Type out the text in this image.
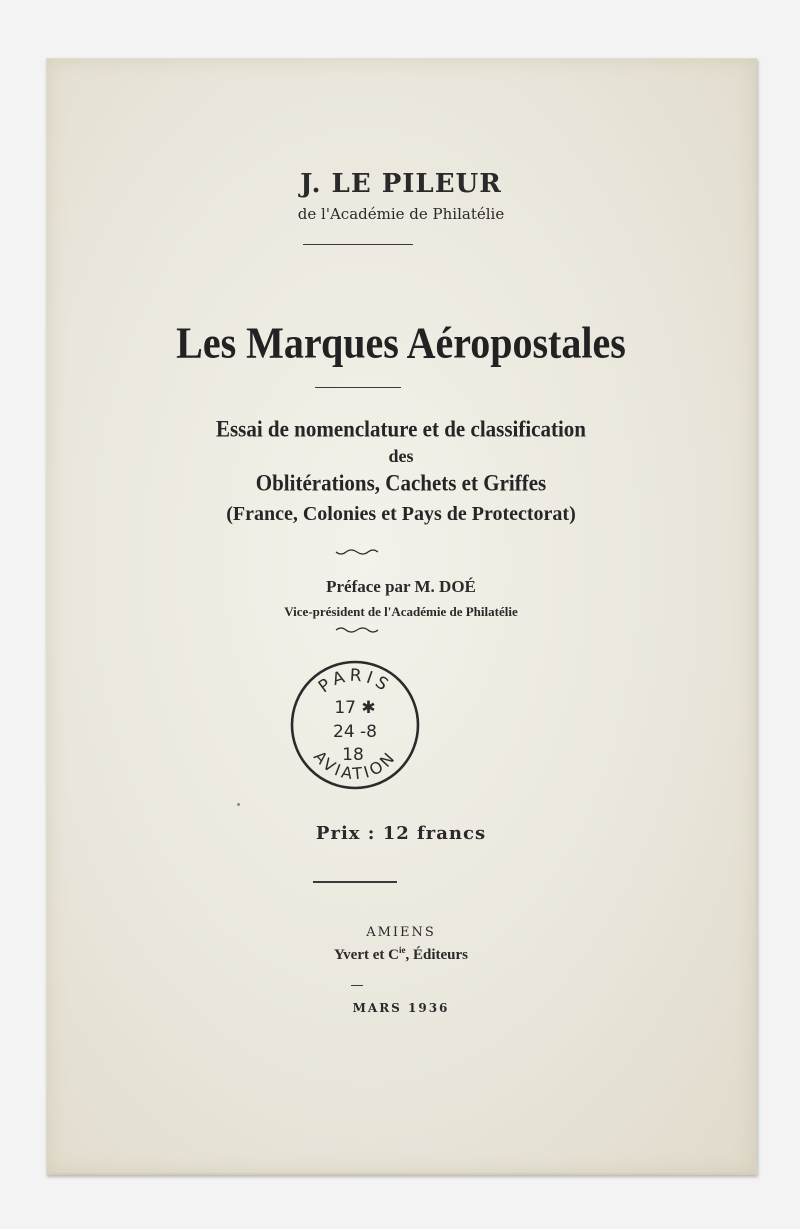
J. LE PILEUR
de l'Académie de Philatélie
Les Marques Aéropostales
Essai de nomenclature et de classification
des
Oblitérations, Cachets et Griffes
(France, Colonies et Pays de Protectorat)
Préface par M. DOÉ
Vice-président de l'Académie de Philatélie
PARIS
AVIATION
17 ✱
24 -8
18
Prix : 12 francs
AMIENS
Yvert et $C^{ie}$, Éditeurs
MARS 1936
